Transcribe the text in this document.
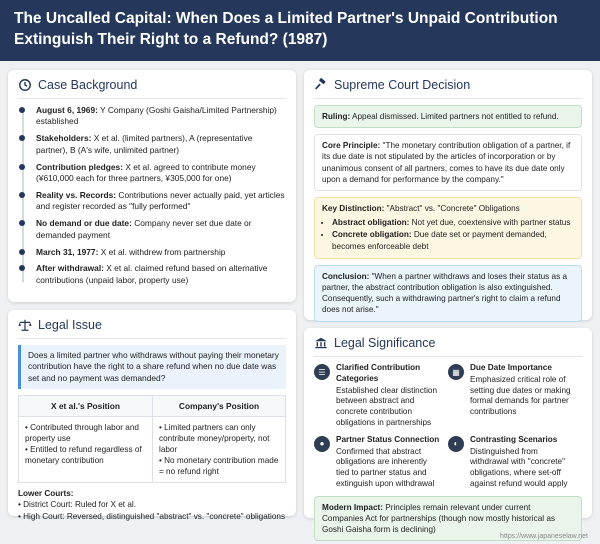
The Uncalled Capital: When Does a Limited Partner's Unpaid Contribution Extinguish Their Right to a Refund? (1987)
Case Background
August 6, 1969: Y Company (Goshi Gaisha/Limited Partnership) established
Stakeholders: X et al. (limited partners), A (representative partner), B (A's wife, unlimited partner)
Contribution pledges: X et al. agreed to contribute money (¥610,000 each for three partners, ¥305,000 for one)
Reality vs. Records: Contributions never actually paid, yet articles and register recorded as "fully performed"
No demand or due date: Company never set due date or demanded payment
March 31, 1977: X et al. withdrew from partnership
After withdrawal: X et al. claimed refund based on alternative contributions (unpaid labor, property use)
Legal Issue
Does a limited partner who withdraws without paying their monetary contribution have the right to a share refund when no due date was set and no payment was demanded?
X et al.'s Position
• Contributed through labor and property use
• Entitled to refund regardless of monetary contribution
Company's Position
• Limited partners can only contribute money/property, not labor
• No monetary contribution made = no refund right
Lower Courts:
• District Court: Ruled for X et al.
• High Court: Reversed, distinguished "abstract" vs. "concrete" obligations
Supreme Court Decision
Ruling: Appeal dismissed. Limited partners not entitled to refund.
Core Principle: "The monetary contribution obligation of a partner, if its due date is not stipulated by the articles of incorporation or by unanimous consent of all partners, comes to have its due date only upon a demand for performance by the company."
Key Distinction: "Abstract" vs. "Concrete" Obligations
• Abstract obligation: Not yet due, coextensive with partner status
• Concrete obligation: Due date set or payment demanded, becomes enforceable debt
Conclusion: "When a partner withdraws and loses their status as a partner, the abstract contribution obligation is also extinguished. Consequently, such a withdrawing partner's right to claim a refund does not arise."
Legal Significance
☰	Clarified Contribution Categories
Established clear distinction between abstract and concrete contribution obligations in partnerships
▦	Due Date Importance
Emphasized critical role of setting due dates or making formal demands for partner contributions
●	Partner Status Connection
Confirmed that abstract obligations are inherently tied to partner status and extinguish upon withdrawal
◐	Contrasting Scenarios
Distinguished from withdrawal with "concrete" obligations, where set-off against refund would apply
Modern Impact: Principles remain relevant under current Companies Act for partnerships (though now mostly historical as Goshi Gaisha form is declining)
https://www.japaneselaw.net
